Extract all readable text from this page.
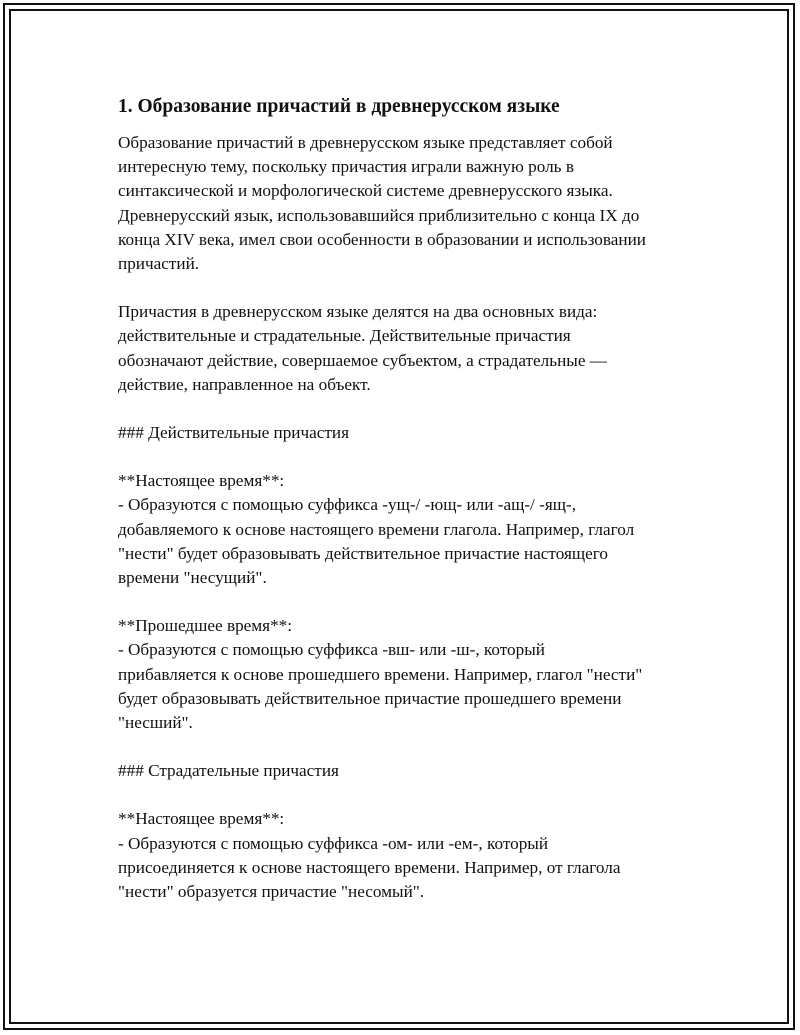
1. Образование причастий в древнерусском языке

Образование причастий в древнерусском языке представляет собой
интересную тему, поскольку причастия играли важную роль в
синтаксической и морфологической системе древнерусского языка.
Древнерусский язык, использовавшийся приблизительно с конца IX до
конца XIV века, имел свои особенности в образовании и использовании
причастий.

Причастия в древнерусском языке делятся на два основных вида:
действительные и страдательные. Действительные причастия
обозначают действие, совершаемое субъектом, а страдательные —
действие, направленное на объект.

### Действительные причастия

**Настоящее время**:
- Образуются с помощью суффикса -ущ-/ -ющ- или -ащ-/ -ящ-,
добавляемого к основе настоящего времени глагола. Например, глагол
"нести" будет образовывать действительное причастие настоящего
времени "несущий".

**Прошедшее время**:
- Образуются с помощью суффикса -вш- или -ш-, который
прибавляется к основе прошедшего времени. Например, глагол "нести"
будет образовывать действительное причастие прошедшего времени
"несший".

### Страдательные причастия

**Настоящее время**:
- Образуются с помощью суффикса -ом- или -ем-, который
присоединяется к основе настоящего времени. Например, от глагола
"нести" образуется причастие "несомый".
